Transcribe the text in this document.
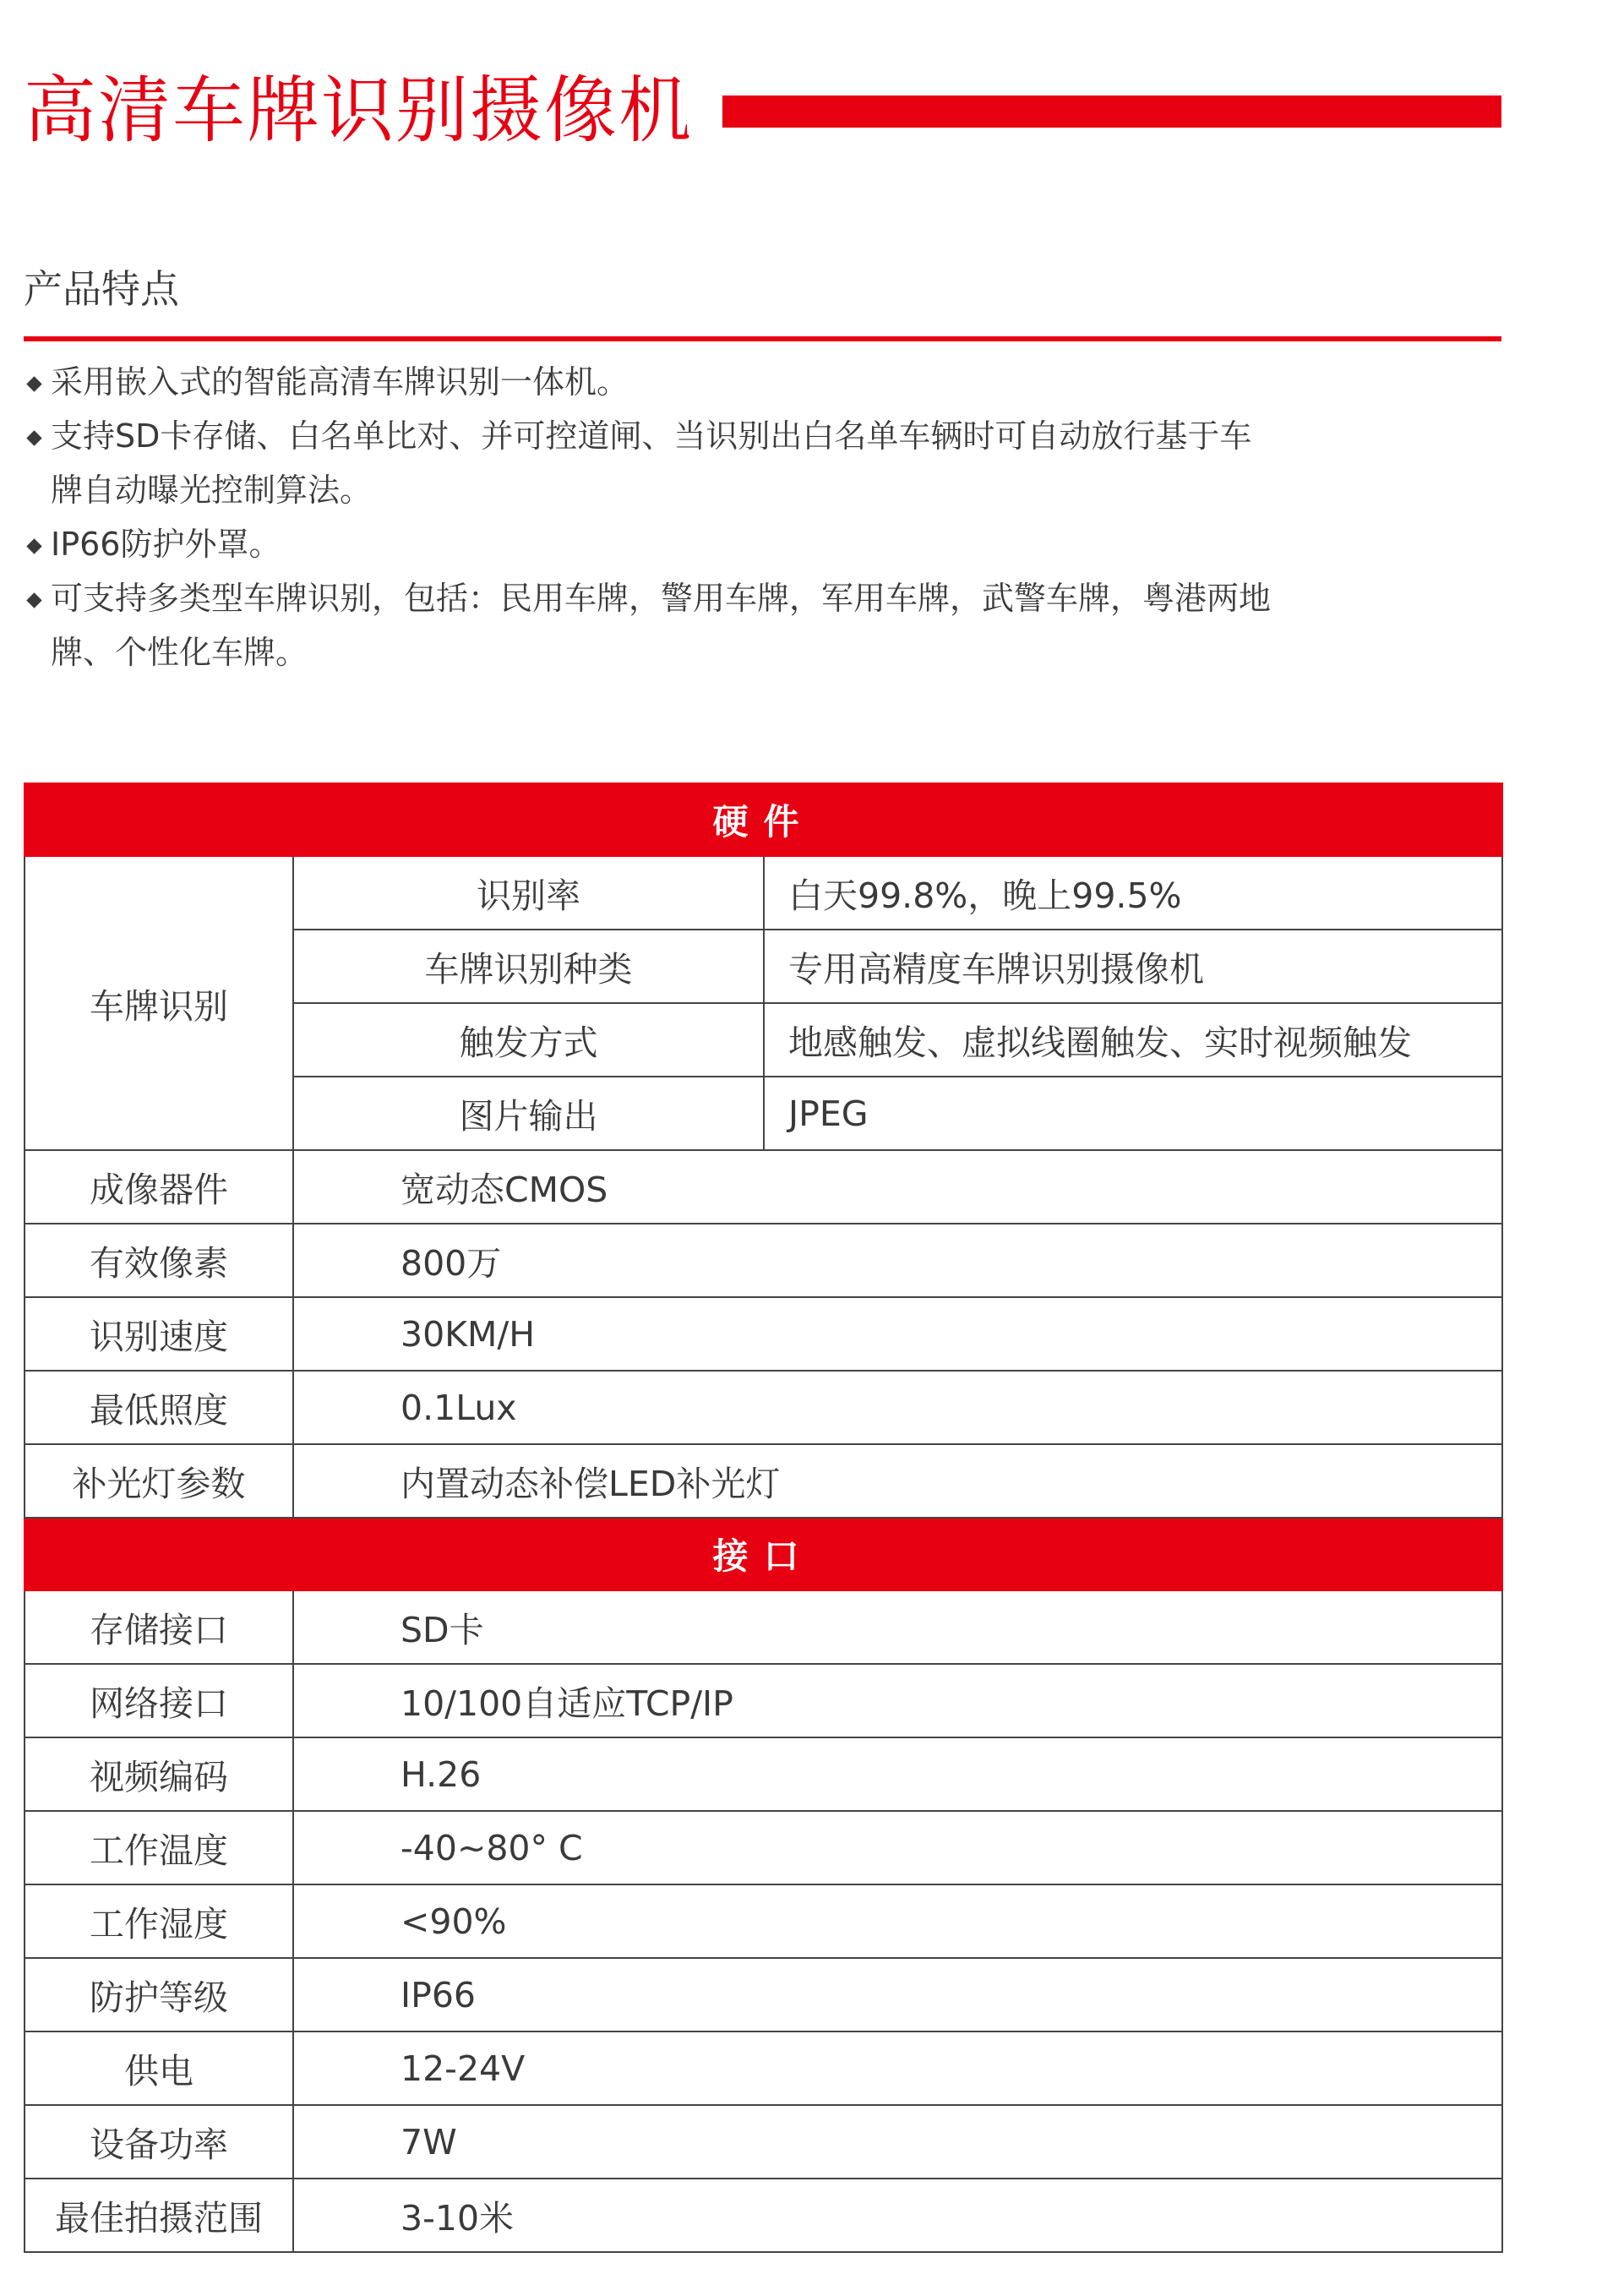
高清车牌识别摄像机
产品特点
采用嵌入式的智能高清车牌识别一体机。
支持SD卡存储、白名单比对、并可控道闸、当识别出白名单车辆时可自动放行基于车
牌自动曝光控制算法。
IP66防护外罩。
可支持多类型车牌识别，包括：民用车牌，警用车牌，军用车牌，武警车牌，粤港两地
牌、个性化车牌。
硬件		
车牌识别	识别率	白天99.8%，晚上99.5%
	车牌识别种类	专用高精度车牌识别摄像机
	触发方式	地感触发、虚拟线圈触发、实时视频触发
	图片输出	JPEG
成像器件	宽动态CMOS	
有效像素	800万	
识别速度	30KM/H	
最低照度	0.1Lux	
补光灯参数	内置动态补偿LED补光灯	
接口		
存储接口	SD卡	
网络接口	10/100自适应TCP/IP	
视频编码	H.26	
工作温度	-40~80° C	
工作湿度	<90%	
防护等级	IP66	
供电	12-24V	
设备功率	7W	
最佳拍摄范围	3-10米	
